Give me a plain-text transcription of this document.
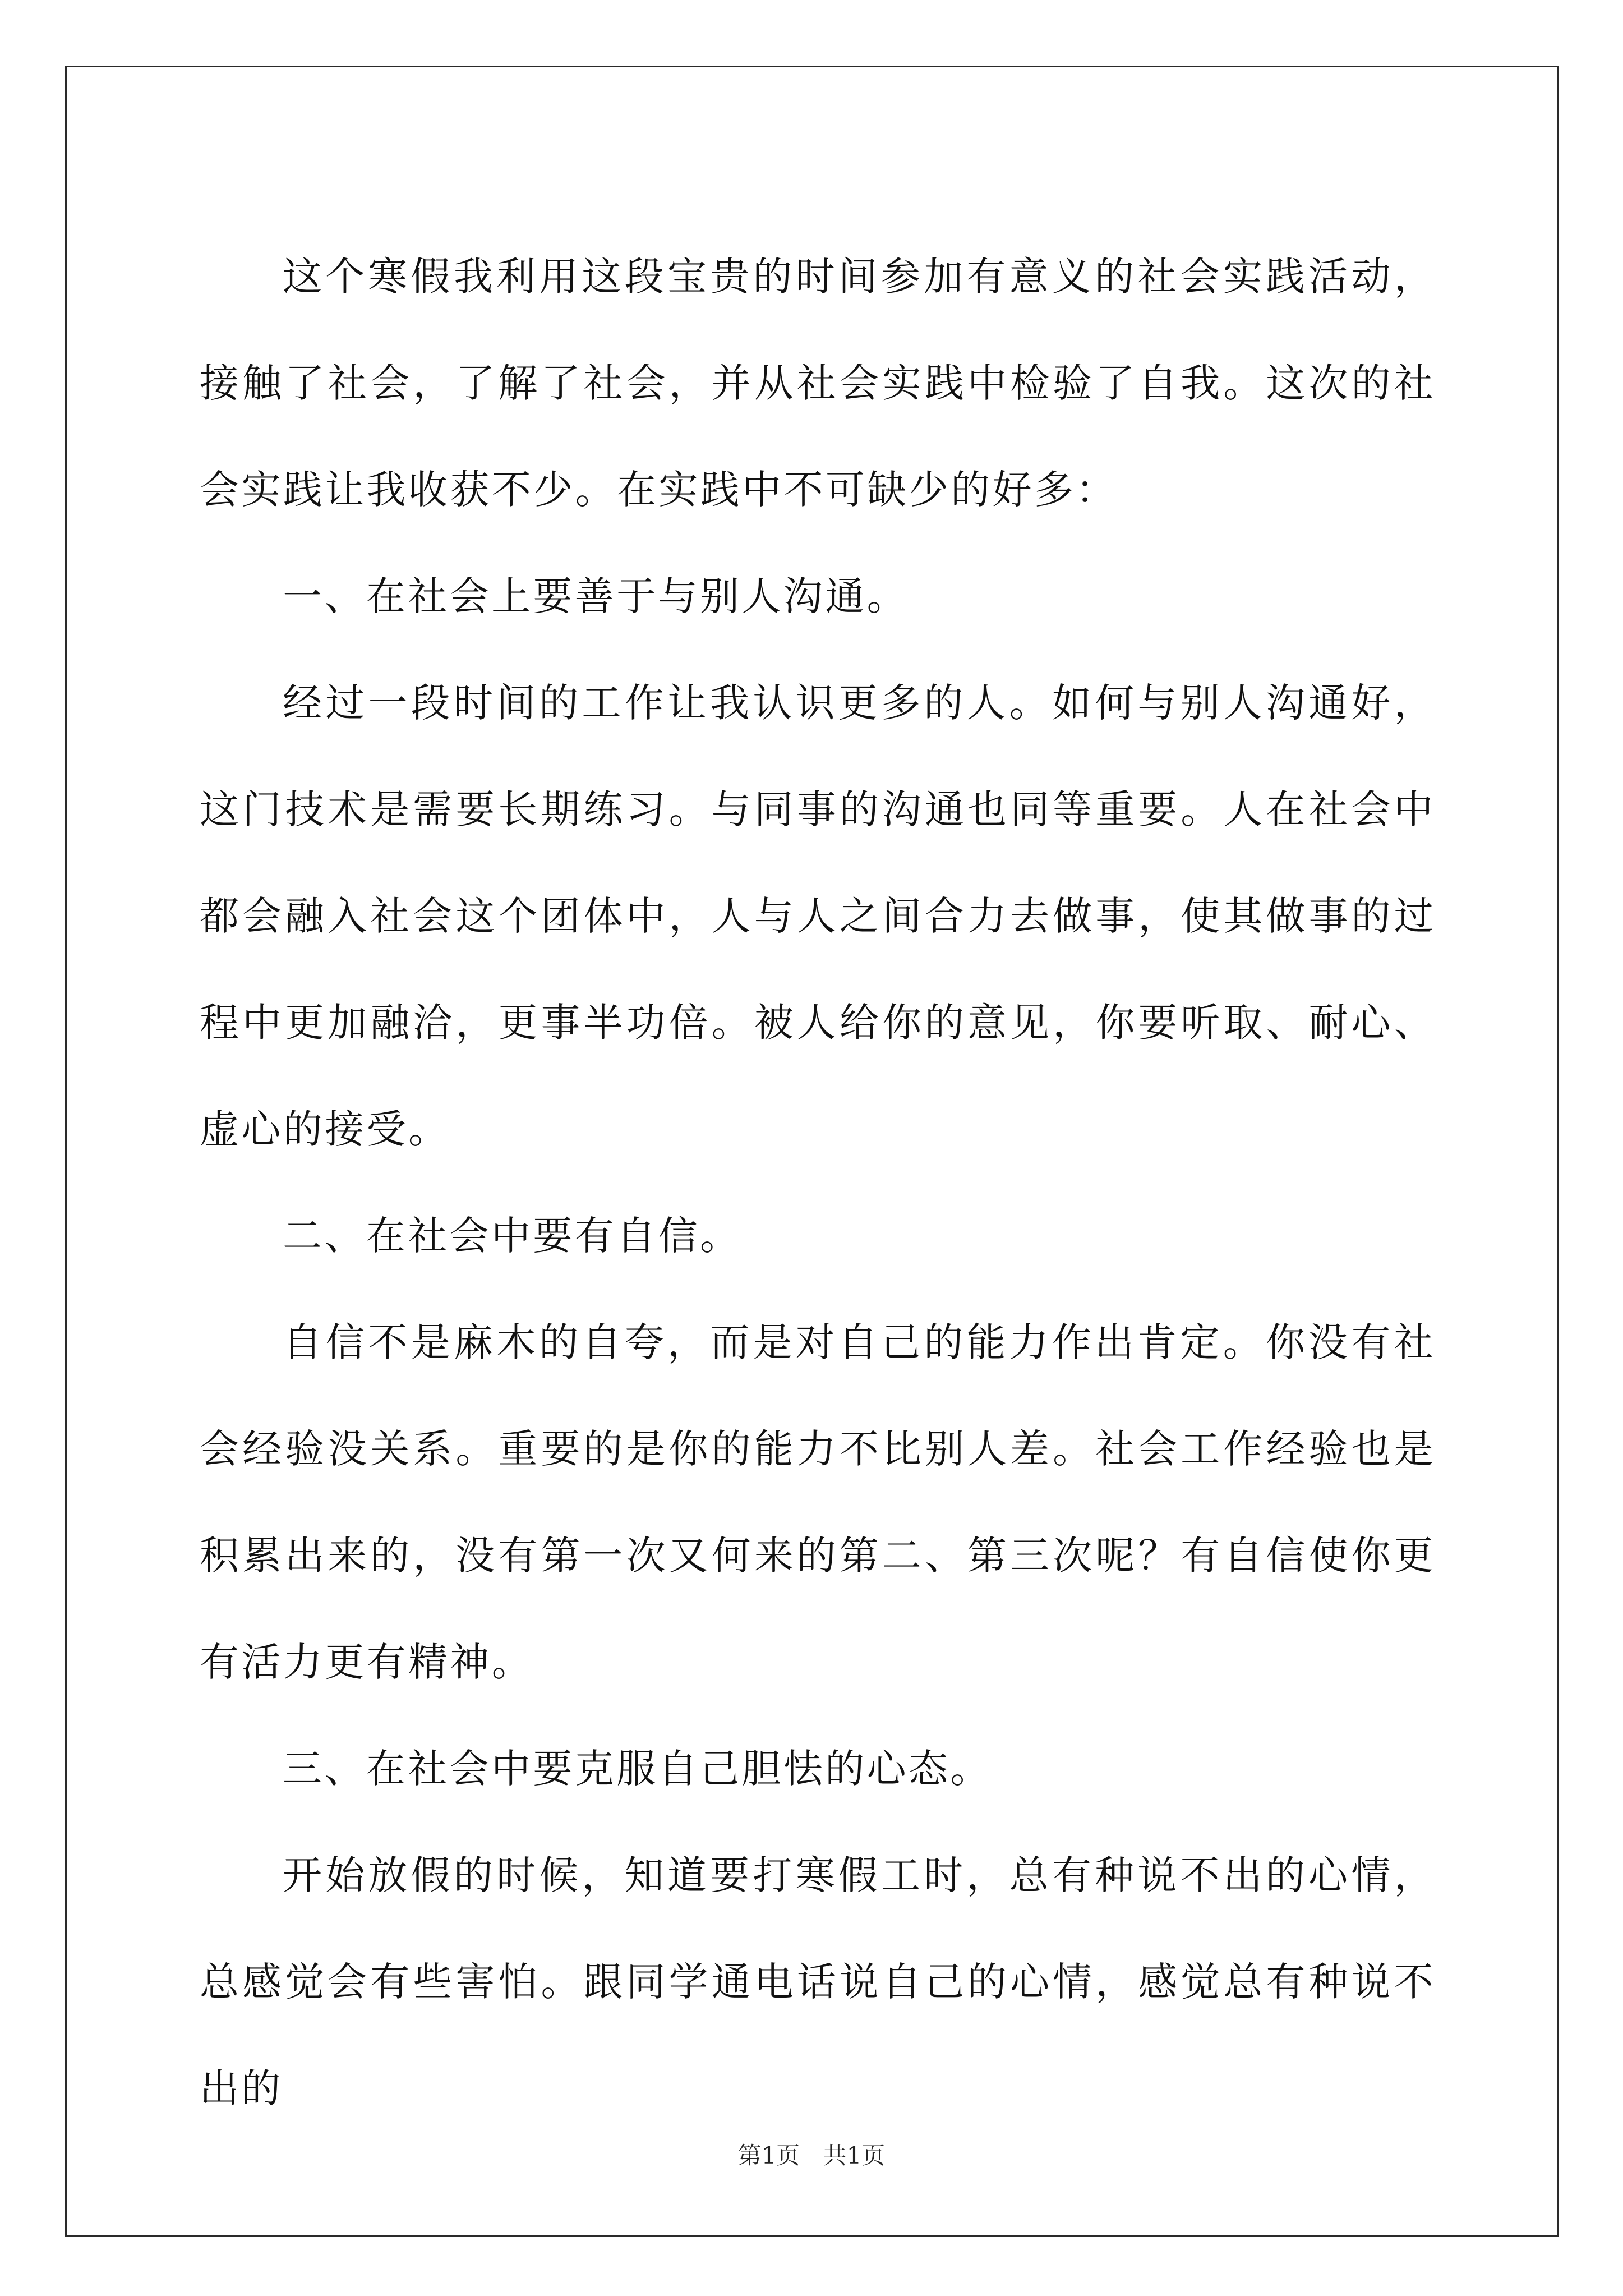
这个寒假我利用这段宝贵的时间参加有意义的社会实践活动，接触了社会，了解了社会，并从社会实践中检验了自我。这次的社会实践让我收获不少。在实践中不可缺少的好多：

一、在社会上要善于与别人沟通。

经过一段时间的工作让我认识更多的人。如何与别人沟通好，这门技术是需要长期练习。与同事的沟通也同等重要。人在社会中都会融入社会这个团体中，人与人之间合力去做事，使其做事的过程中更加融洽，更事半功倍。被人给你的意见，你要听取、耐心、虚心的接受。

二、在社会中要有自信。

自信不是麻木的自夸，而是对自己的能力作出肯定。你没有社会经验没关系。重要的是你的能力不比别人差。社会工作经验也是积累出来的，没有第一次又何来的第二、第三次呢？有自信使你更有活力更有精神。

三、在社会中要克服自己胆怯的心态。

开始放假的时候，知道要打寒假工时，总有种说不出的心情，总感觉会有些害怕。跟同学通电话说自己的心情，感觉总有种说不出的

第1页 共1页
